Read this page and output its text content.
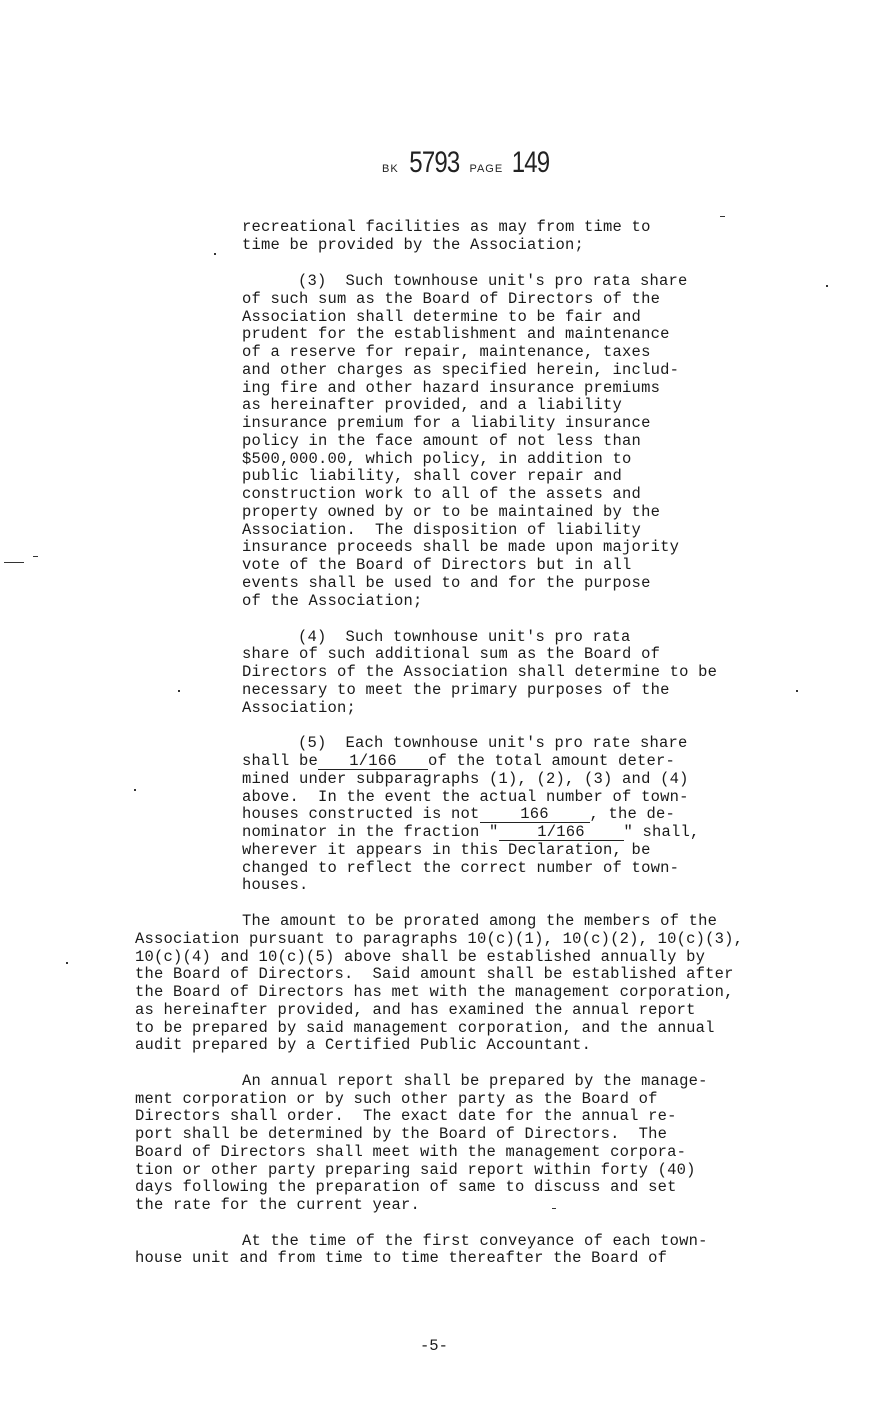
BK 5793 PAGE 149
recreational facilities as may from time to
time be provided by the Association;
(3)  Such townhouse unit's pro rata share
of such sum as the Board of Directors of the
Association shall determine to be fair and
prudent for the establishment and maintenance
of a reserve for repair, maintenance, taxes
and other charges as specified herein, includ-
ing fire and other hazard insurance premiums
as hereinafter provided, and a liability
insurance premium for a liability insurance
policy in the face amount of not less than
$500,000.00, which policy, in addition to
public liability, shall cover repair and
construction work to all of the assets and
property owned by or to be maintained by the
Association.  The disposition of liability
insurance proceeds shall be made upon majority
vote of the Board of Directors but in all
events shall be used to and for the purpose
of the Association;
(4)  Such townhouse unit's pro rata
share of such additional sum as the Board of
Directors of the Association shall determine to be
necessary to meet the primary purposes of the
Association;
(5)  Each townhouse unit's pro rate share
shall be 1/166 of the total amount deter-
mined under subparagraphs (1), (2), (3) and (4)
above.  In the event the actual number of town-
houses constructed is not	166	, the de-
nominator in the fraction " 1/166	" shall,
wherever it appears in this Declaration, be
changed to reflect the correct number of town-
houses.
The amount to be prorated among the members of the
Association pursuant to paragraphs 10(c)(1), 10(c)(2), 10(c)(3),
10(c)(4) and 10(c)(5) above shall be established annually by
the Board of Directors.  Said amount shall be established after
the Board of Directors has met with the management corporation,
as hereinafter provided, and has examined the annual report
to be prepared by said management corporation, and the annual
audit prepared by a Certified Public Accountant.
An annual report shall be prepared by the manage-
ment corporation or by such other party as the Board of
Directors shall order.  The exact date for the annual re-
port shall be determined by the Board of Directors.  The
Board of Directors shall meet with the management corpora-
tion or other party preparing said report within forty (40)
days following the preparation of same to discuss and set
the rate for the current year.
At the time of the first conveyance of each town-
house unit and from time to time thereafter the Board of
-5-
